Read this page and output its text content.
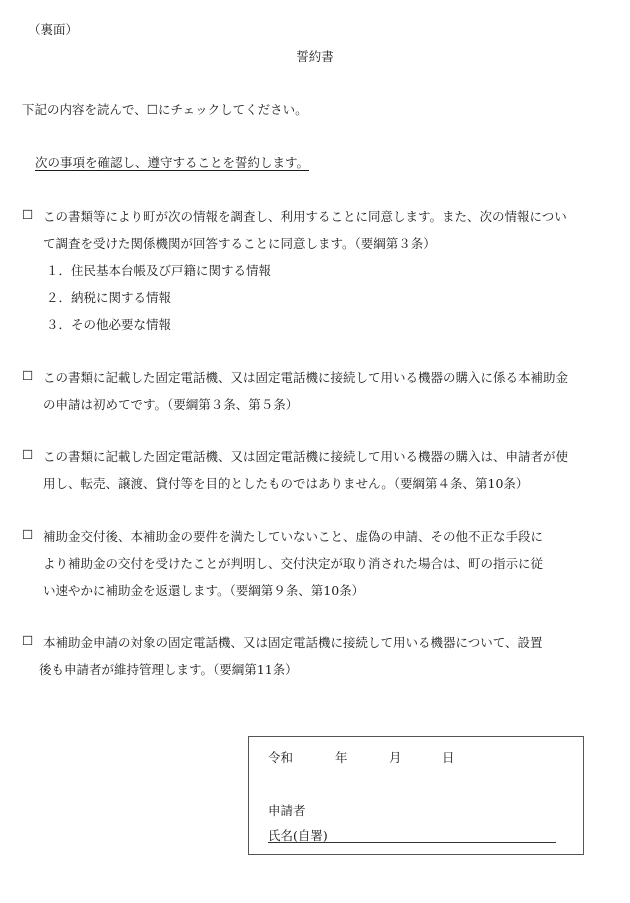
（裏面）
誓約書
下記の内容を読んで、☐にチェックしてください。
次の事項を確認し、遵守することを誓約します。
☐ この書類等により町が次の情報を調査し、利用することに同意します。また、次の情報につい
て調査を受けた関係機関が回答することに同意します。（要綱第３条）
１．住民基本台帳及び戸籍に関する情報
２．納税に関する情報
３．その他必要な情報
☐ この書類に記載した固定電話機、又は固定電話機に接続して用いる機器の購入に係る本補助金
の申請は初めてです。（要綱第３条、第５条）
☐ この書類に記載した固定電話機、又は固定電話機に接続して用いる機器の購入は、申請者が使
用し、転売、譲渡、貸付等を目的としたものではありません。（要綱第４条、第10条）
☐ 補助金交付後、本補助金の要件を満たしていないこと、虚偽の申請、その他不正な手段に
より補助金の交付を受けたことが判明し、交付決定が取り消された場合は、町の指示に従
い速やかに補助金を返還します。（要綱第９条、第10条）
☐ 本補助金申請の対象の固定電話機、又は固定電話機に接続して用いる機器について、設置
後も申請者が維持管理します。（要綱第11条）
令和	年	月	日
申請者
氏名(自署)
